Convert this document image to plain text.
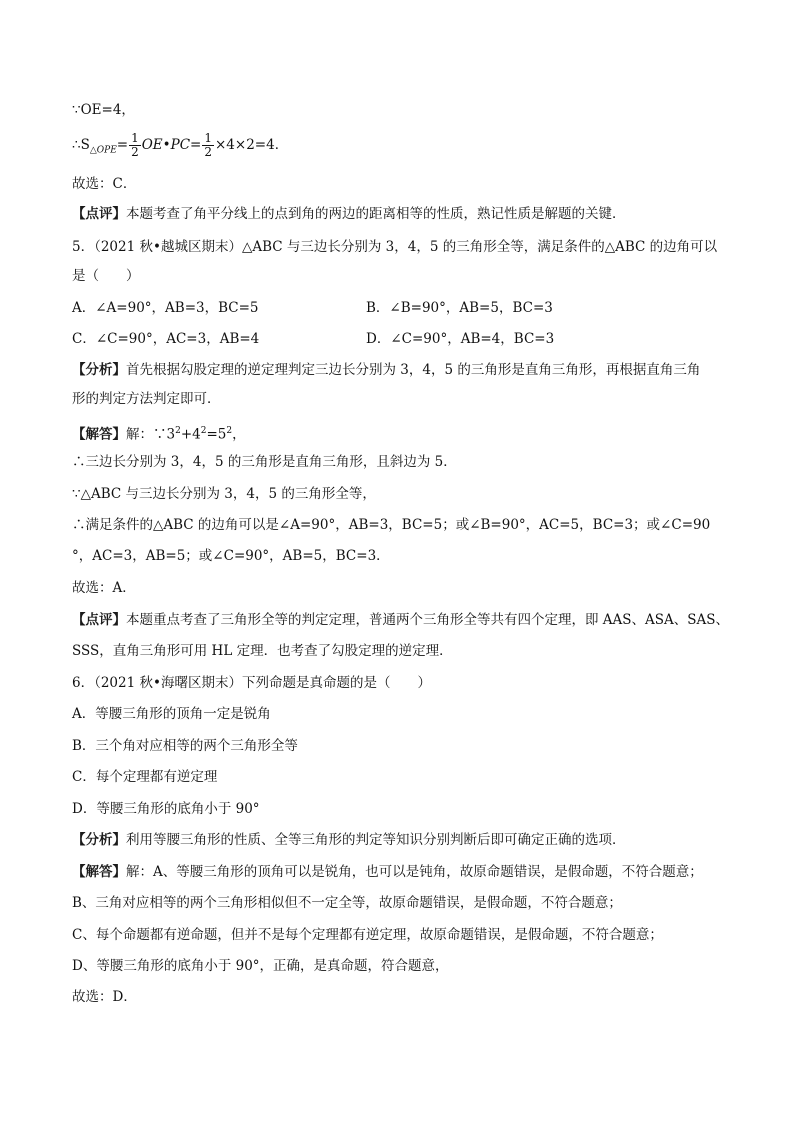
∵OE=4，
$\therefore S_{\triangle OPE}= \frac{1}{2}$ OE•PC= $\frac{1}{2} \times 4\times 2=4$．
故选：C．
【点评】本题考查了角平分线上的点到角的两边的距离相等的性质，熟记性质是解题的关键．
5．（2021 秋•越城区期末）△ABC 与三边长分别为 3，4，5 的三角形全等，满足条件的△ABC 的边角可以
是（　　）
A．∠A=90°，AB=3，BC=5	B．∠B=90°，AB=5，BC=3
C．∠C=90°，AC=3，AB=4	D．∠C=90°，AB=4，BC=3
【分析】首先根据勾股定理的逆定理判定三边长分别为 3，4，5 的三角形是直角三角形，再根据直角三角
形的判定方法判定即可．
【解答】解：$\because 3^2+4^2=5^2$，
∴三边长分别为 3，4，5 的三角形是直角三角形，且斜边为 5．
∵△ABC 与三边长分别为 3，4，5 的三角形全等，
∴满足条件的△ABC 的边角可以是∠A=90°，AB=3，BC=5；或∠B=90°，AC=5，BC=3；或∠C=90
°，AC=3，AB=5；或∠C=90°，AB=5，BC=3．
故选：A．
【点评】本题重点考查了三角形全等的判定定理，普通两个三角形全等共有四个定理，即 AAS、ASA、SAS、
SSS，直角三角形可用 HL 定理．也考查了勾股定理的逆定理．
6．（2021 秋•海曙区期末）下列命题是真命题的是（　　）
A．等腰三角形的顶角一定是锐角
B．三个角对应相等的两个三角形全等
C．每个定理都有逆定理
D．等腰三角形的底角小于 90°
【分析】利用等腰三角形的性质、全等三角形的判定等知识分别判断后即可确定正确的选项．
【解答】解：A、等腰三角形的顶角可以是锐角，也可以是钝角，故原命题错误，是假命题，不符合题意；
B、三角对应相等的两个三角形相似但不一定全等，故原命题错误，是假命题，不符合题意；
C、每个命题都有逆命题，但并不是每个定理都有逆定理，故原命题错误，是假命题，不符合题意；
D、等腰三角形的底角小于 90°，正确，是真命题，符合题意，
故选：D．
